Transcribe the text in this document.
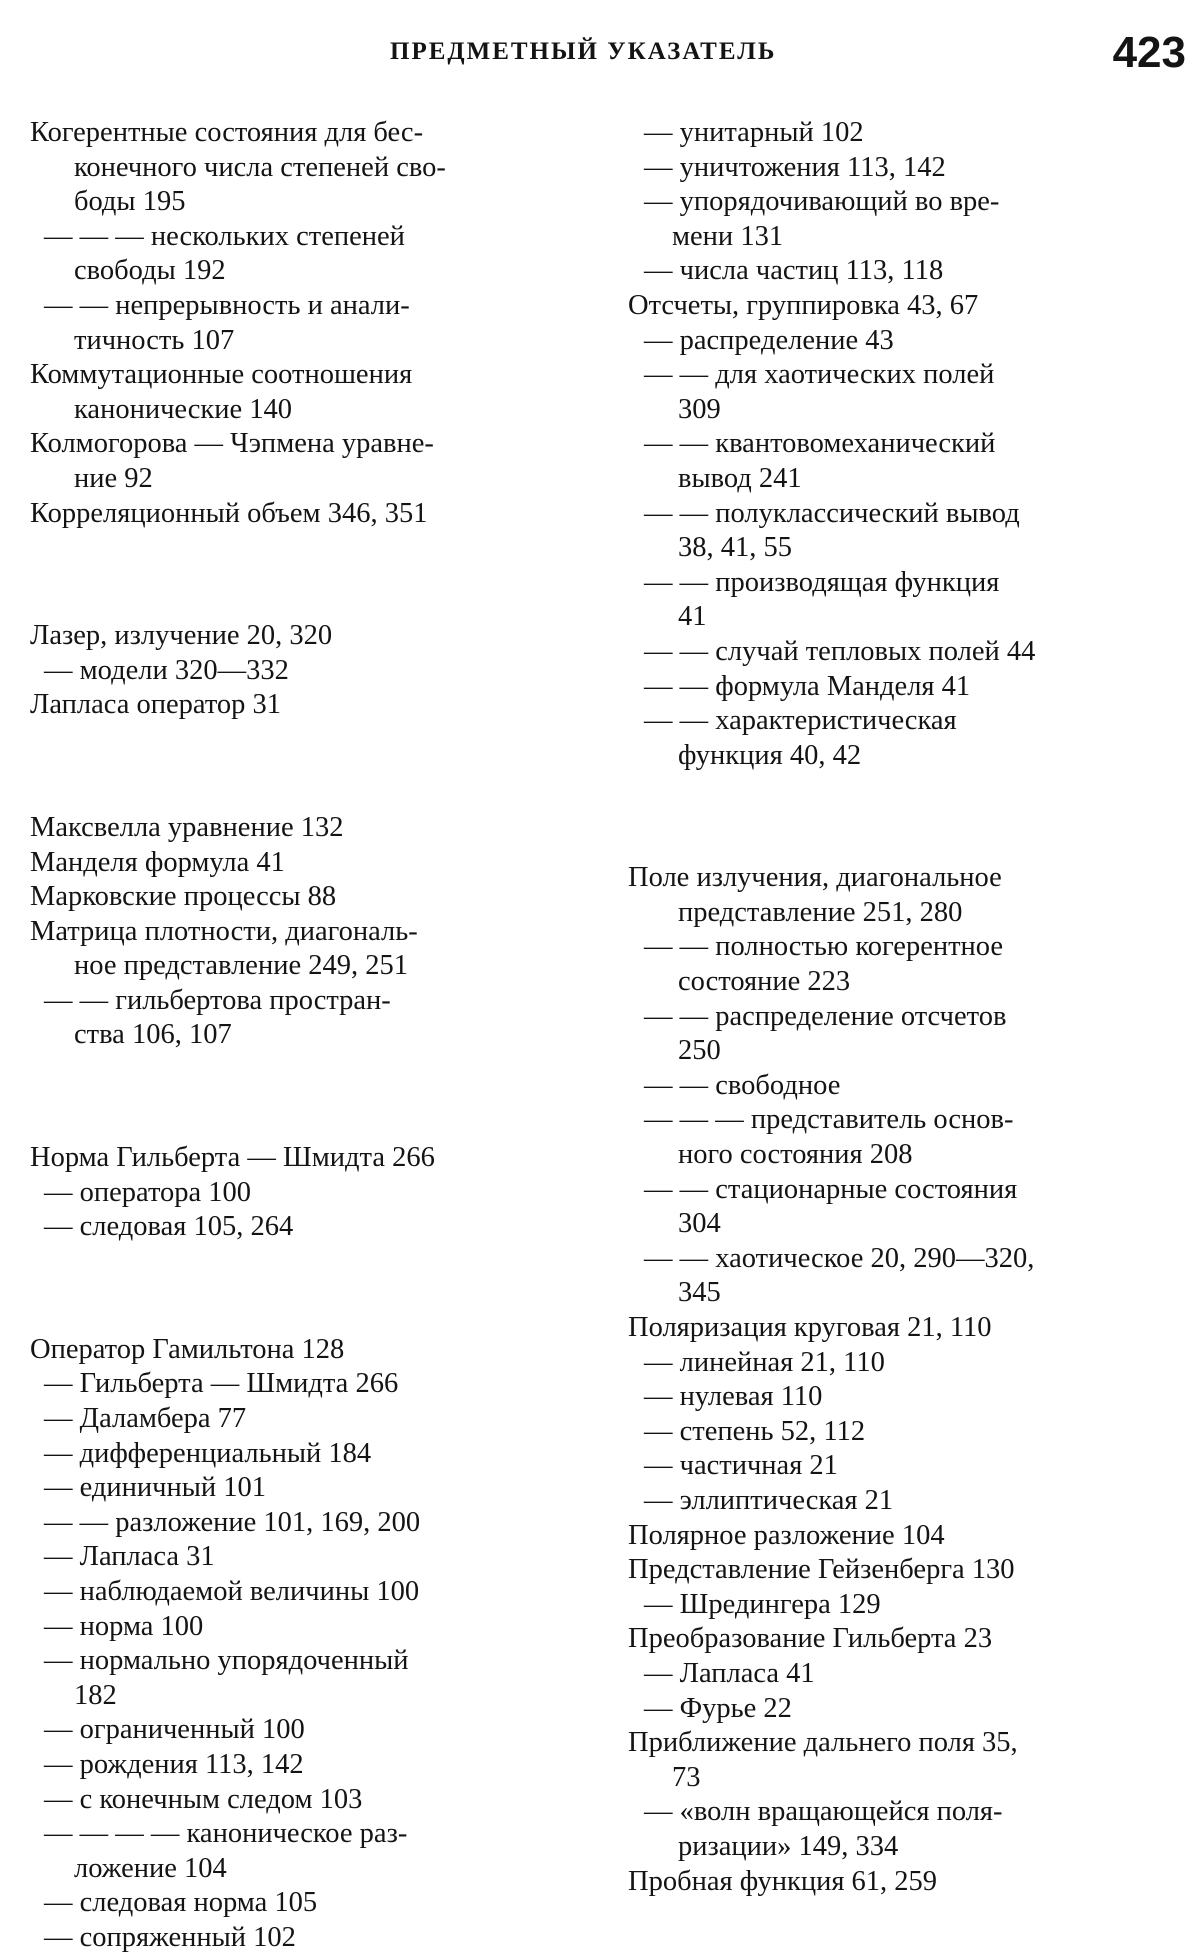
ПРЕДМЕТНЫЙ УКАЗАТЕЛЬ	423
Когерентные состояния для бес-
конечного числа степеней сво-
боды 195
— — — нескольких степеней
свободы 192
— — непрерывность и анали-
тичность 107
Коммутационные соотношения
канонические 140
Колмогорова — Чэпмена уравне-
ние 92
Корреляционный объем 346, 351
Лазер, излучение 20, 320
— модели 320—332
Лапласа оператор 31
Максвелла уравнение 132
Манделя формула 41
Марковские процессы 88
Матрица плотности, диагональ-
ное представление 249, 251
— — гильбертова простран-
ства 106, 107
Норма Гильберта — Шмидта 266
— оператора 100
— следовая 105, 264
Оператор Гамильтона 128
— Гильберта — Шмидта 266
— Даламбера 77
— дифференциальный 184
— единичный 101
— — разложение 101, 169, 200
— Лапласа 31
— наблюдаемой величины 100
— норма 100
— нормально упорядоченный
182
— ограниченный 100
— рождения 113, 142
— с конечным следом 103
— — — — каноническое раз-
ложение 104
— следовая норма 105
— сопряженный 102
— унитарный 102
— уничтожения 113, 142
— упорядочивающий во вре-
мени 131
— числа частиц 113, 118
Отсчеты, группировка 43, 67
— распределение 43
— — для хаотических полей
309
— — квантовомеханический
вывод 241
— — полуклассический вывод
38, 41, 55
— — производящая функция
41
— — случай тепловых полей 44
— — формула Манделя 41
— — характеристическая
функция 40, 42
Поле излучения, диагональное
представление 251, 280
— — полностью когерентное
состояние 223
— — распределение отсчетов
250
— — свободное
— — — представитель основ-
ного состояния 208
— — стационарные состояния
304
— — хаотическое 20, 290—320,
345
Поляризация круговая 21, 110
— линейная 21, 110
— нулевая 110
— степень 52, 112
— частичная 21
— эллиптическая 21
Полярное разложение 104
Представление Гейзенберга 130
— Шредингера 129
Преобразование Гильберта 23
— Лапласа 41
— Фурье 22
Приближение дальнего поля 35,
73
— «волн вращающейся поля-
ризации» 149, 334
Пробная функция 61, 259
